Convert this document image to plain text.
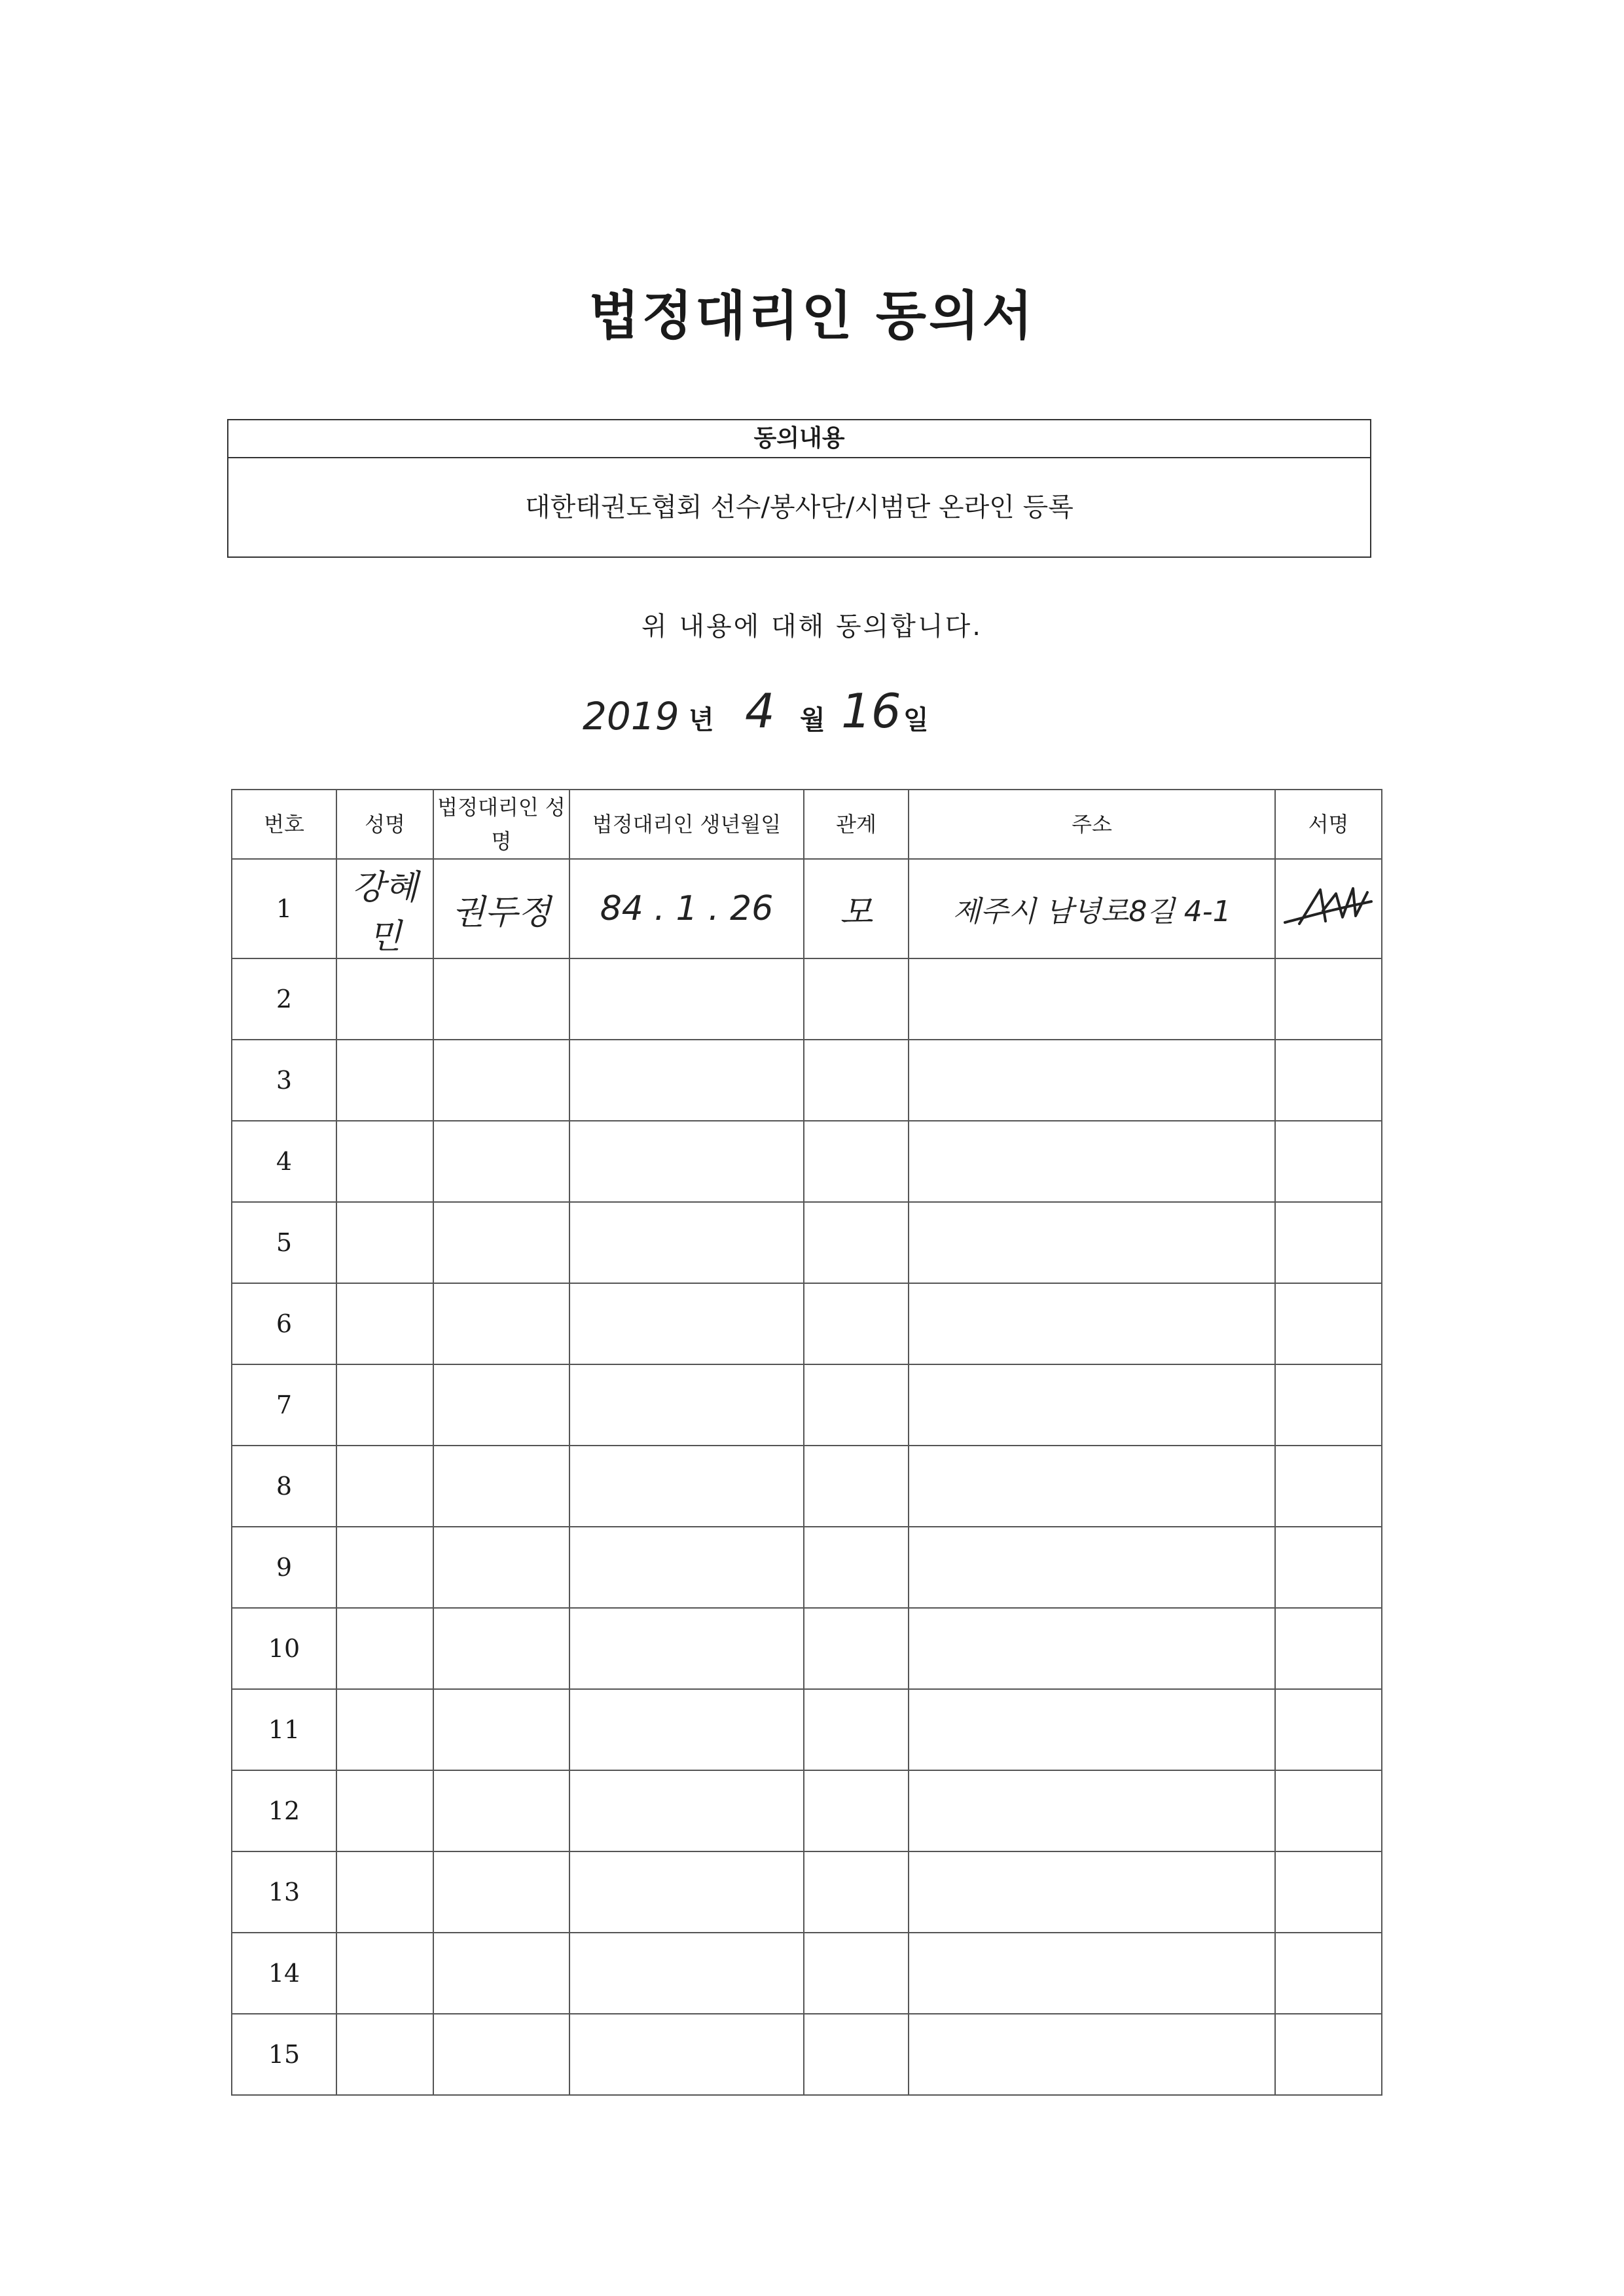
법정대리인 동의서
동의내용
대한태권도협회 선수/봉사단/시범단 온라인 등록
위 내용에 대해 동의합니다.
2019 년 4 월 16 일
번호	성명	법정대리인 성명	법정대리인 생년월일	관계	주소	서명
1	강혜민	권두정	84 . 1 . 26	모	제주시 남녕로8길 4-1	
2						
3						
4						
5						
6						
7						
8						
9						
10						
11						
12						
13						
14						
15						
